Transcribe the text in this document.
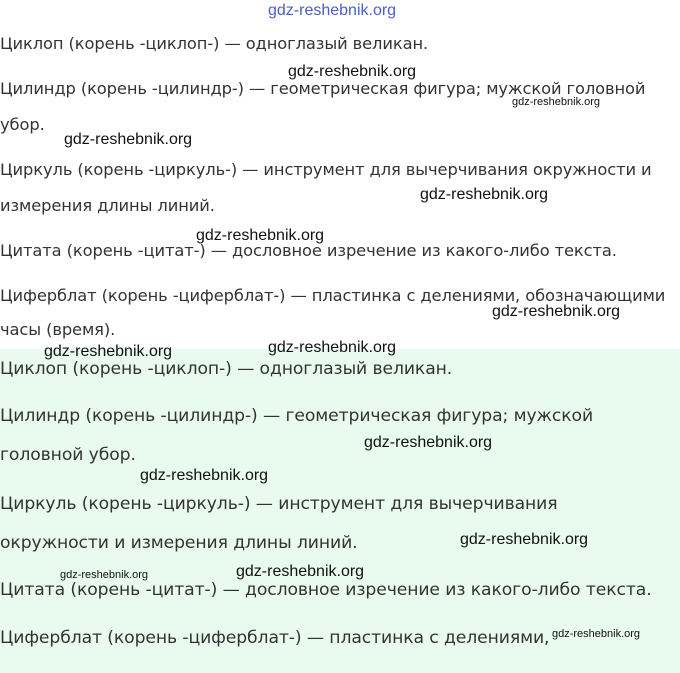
Циклоп (корень -циклоп-) — одноглазый великан.
Цилиндр (корень -цилиндр-) — геометрическая фигура; мужской головной
убор.
Циркуль (корень -циркуль-) — инструмент для вычерчивания окружности и
измерения длины линий.
Цитата (корень -цитат-) — дословное изречение из какого-либо текста.
Циферблат (корень -циферблат-) — пластинка с делениями, обозначающими
часы (время).
Циклоп (корень -циклоп-) — одноглазый великан.
Цилиндр (корень -цилиндр-) — геометрическая фигура; мужской
головной убор.
Циркуль (корень -циркуль-) — инструмент для вычерчивания
окружности и измерения длины линий.
Цитата (корень -цитат-) — дословное изречение из какого-либо текста.
Циферблат (корень -циферблат-) — пластинка с делениями,
gdz-reshebnik.org
gdz-reshebnik.org
gdz-reshebnik.org
gdz-reshebnik.org
gdz-reshebnik.org
gdz-reshebnik.org
gdz-reshebnik.org
gdz-reshebnik.org	gdz-reshebnik.org
gdz-reshebnik.org
gdz-reshebnik.org
gdz-reshebnik.org
gdz-reshebnik.org	gdz-reshebnik.org
gdz-reshebnik.org
